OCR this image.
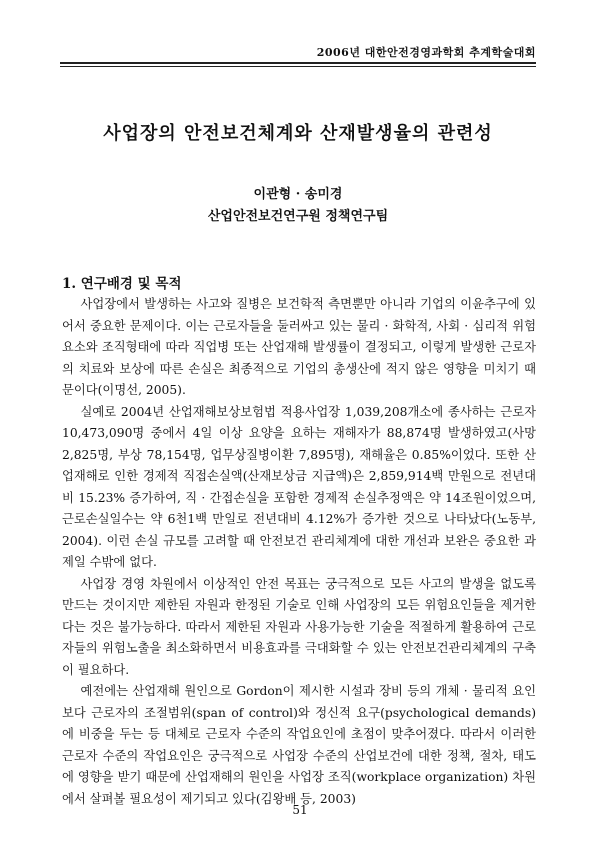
2006년 대한안전경영과학회 추계학술대회
사업장의 안전보건체계와 산재발생율의 관련성
이관형 · 송미경
산업안전보건연구원 정책연구팀
1. 연구배경 및 목적

사업장에서 발생하는 사고와 질병은 보건학적 측면뿐만 아니라 기업의 이윤추구에 있어서 중요한 문제이다. 이는 근로자들을 둘러싸고 있는 물리 · 화학적, 사회 · 심리적 위험요소와 조직형태에 따라 직업병 또는 산업재해 발생률이 결정되고, 이렇게 발생한 근로자의 치료와 보상에 따른 손실은 최종적으로 기업의 총생산에 적지 않은 영향을 미치기 때문이다(이명선, 2005).

실예로 2004년 산업재해보상보험법 적용사업장 1,039,208개소에 종사하는 근로자 10,473,090명 중에서 4일 이상 요양을 요하는 재해자가 88,874명 발생하였고(사망 2,825명, 부상 78,154명, 업무상질병이환 7,895명), 재해율은 0.85%이었다. 또한 산업재해로 인한 경제적 직접손실액(산재보상금 지급액)은 2,859,914백 만원으로 전년대비 15.23% 증가하여, 직 · 간접손실을 포함한 경제적 손실추정액은 약 14조원이었으며, 근로손실일수는 약 6천1백 만일로 전년대비 4.12%가 증가한 것으로 나타났다(노동부, 2004). 이런 손실 규모를 고려할 때 안전보건 관리체계에 대한 개선과 보완은 중요한 과제일 수밖에 없다.

사업장 경영 차원에서 이상적인 안전 목표는 궁극적으로 모든 사고의 발생을 없도록 만드는 것이지만 제한된 자원과 한정된 기술로 인해 사업장의 모든 위험요인들을 제거한다는 것은 불가능하다. 따라서 제한된 자원과 사용가능한 기술을 적절하게 활용하여 근로자들의 위험노출을 최소화하면서 비용효과를 극대화할 수 있는 안전보건관리체계의 구축이 필요하다.

예전에는 산업재해 원인으로 Gordon이 제시한 시설과 장비 등의 개체 · 물리적 요인보다 근로자의 조절범위(span of control)와 정신적 요구(psychological demands)에 비중을 두는 등 대체로 근로자 수준의 작업요인에 초점이 맞추어졌다. 따라서 이러한 근로자 수준의 작업요인은 궁극적으로 사업장 수준의 산업보건에 대한 정책, 절차, 태도에 영향을 받기 때문에 산업재해의 원인을 사업장 조직(workplace organization) 차원에서 살펴볼 필요성이 제기되고 있다(김왕배 등, 2003)

51
